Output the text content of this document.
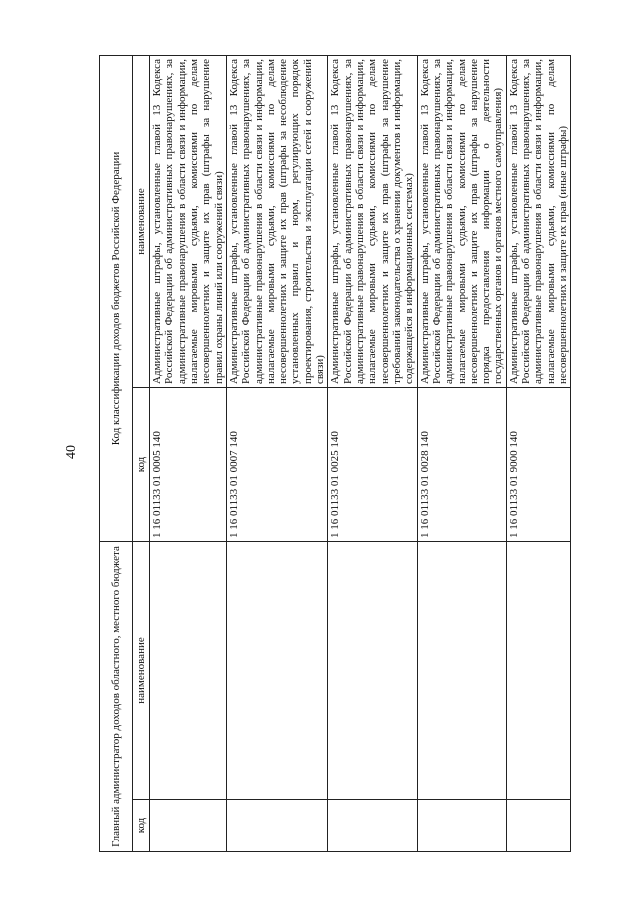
40
Главный администратор доходов областного, местного бюджета		Код классификации доходов бюджетов Российской Федерации	
код	наименование	код	наименование
		1 16 01133 01 0005 140	Административные штрафы, установленные главой 13 Кодекса Российской Федерации об административных правонарушениях, за административные правонарушения в области связи и информации, налагаемые мировыми судьями, комиссиями по делам несовершеннолетних и защите их прав (штрафы за нарушение правил охраны линий или сооружений связи)
		1 16 01133 01 0007 140	Административные штрафы, установленные главой 13 Кодекса Российской Федерации об административных правонарушениях, за административные правонарушения в области связи и информации, налагаемые мировыми судьями, комиссиями по делам несовершеннолетних и защите их прав (штрафы за несоблюдение установленных правил и норм, регулирующих порядок проектирования, строительства и эксплуатации сетей и сооружений связи)
		1 16 01133 01 0025 140	Административные штрафы, установленные главой 13 Кодекса Российской Федерации об административных правонарушениях, за административные правонарушения в области связи и информации, налагаемые мировыми судьями, комиссиями по делам несовершеннолетних и защите их прав (штрафы за нарушение требований законодательства о хранении документов и информации, содержащейся в информационных системах)
		1 16 01133 01 0028 140	Административные штрафы, установленные главой 13 Кодекса Российской Федерации об административных правонарушениях, за административные правонарушения в области связи и информации, налагаемые мировыми судьями, комиссиями по делам несовершеннолетних и защите их прав (штрафы за нарушение порядка предоставления информации о деятельности государственных органов и органов местного самоуправления)
		1 16 01133 01 9000 140	Административные штрафы, установленные главой 13 Кодекса Российской Федерации об административных правонарушениях, за административные правонарушения в области связи и информации, налагаемые мировыми судьями, комиссиями по делам несовершеннолетних и защите их прав (иные штрафы)
